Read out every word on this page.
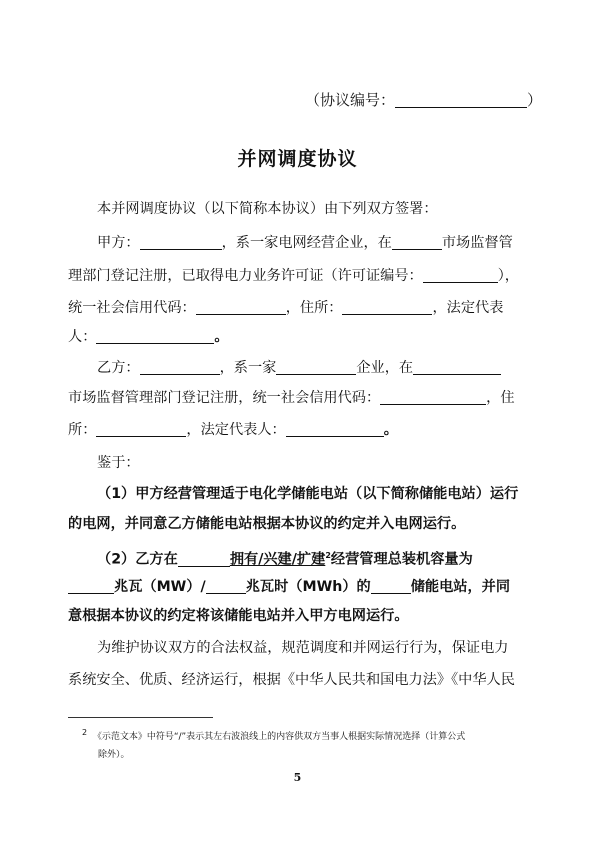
（协议编号：	）
并网调度协议
本并网调度协议（以下简称本协议）由下列双方签署：
甲方：	，系一家电网经营企业，在	市场监督管
理部门登记注册，已取得电力业务许可证（许可证编号：	），
统一社会信用代码：	，住所：	，法定代表
人：	。
乙方：	，系一家	企业，在
市场监督管理部门登记注册，统一社会信用代码：	，住
所：	，法定代表人：	。
鉴于：
（1）甲方经营管理适于电化学储能电站（以下简称储能电站）运行
的电网，并同意乙方储能电站根据本协议的约定并入电网运行。
（2）乙方在	拥有/兴建/扩建$^2$经营管理总装机容量为
兆瓦（MW）/	兆瓦时（MWh）的	储能电站，并同
意根据本协议的约定将该储能电站并入甲方电网运行。
为维护协议双方的合法权益，规范调度和并网运行行为，保证电力
系统安全、优质、经济运行，根据《中华人民共和国电力法》《中华人民
$^2$ 《示范文本》中符号“/”表示其左右波浪线上的内容供双方当事人根据实际情况选择（计算公式
除外）。
5
